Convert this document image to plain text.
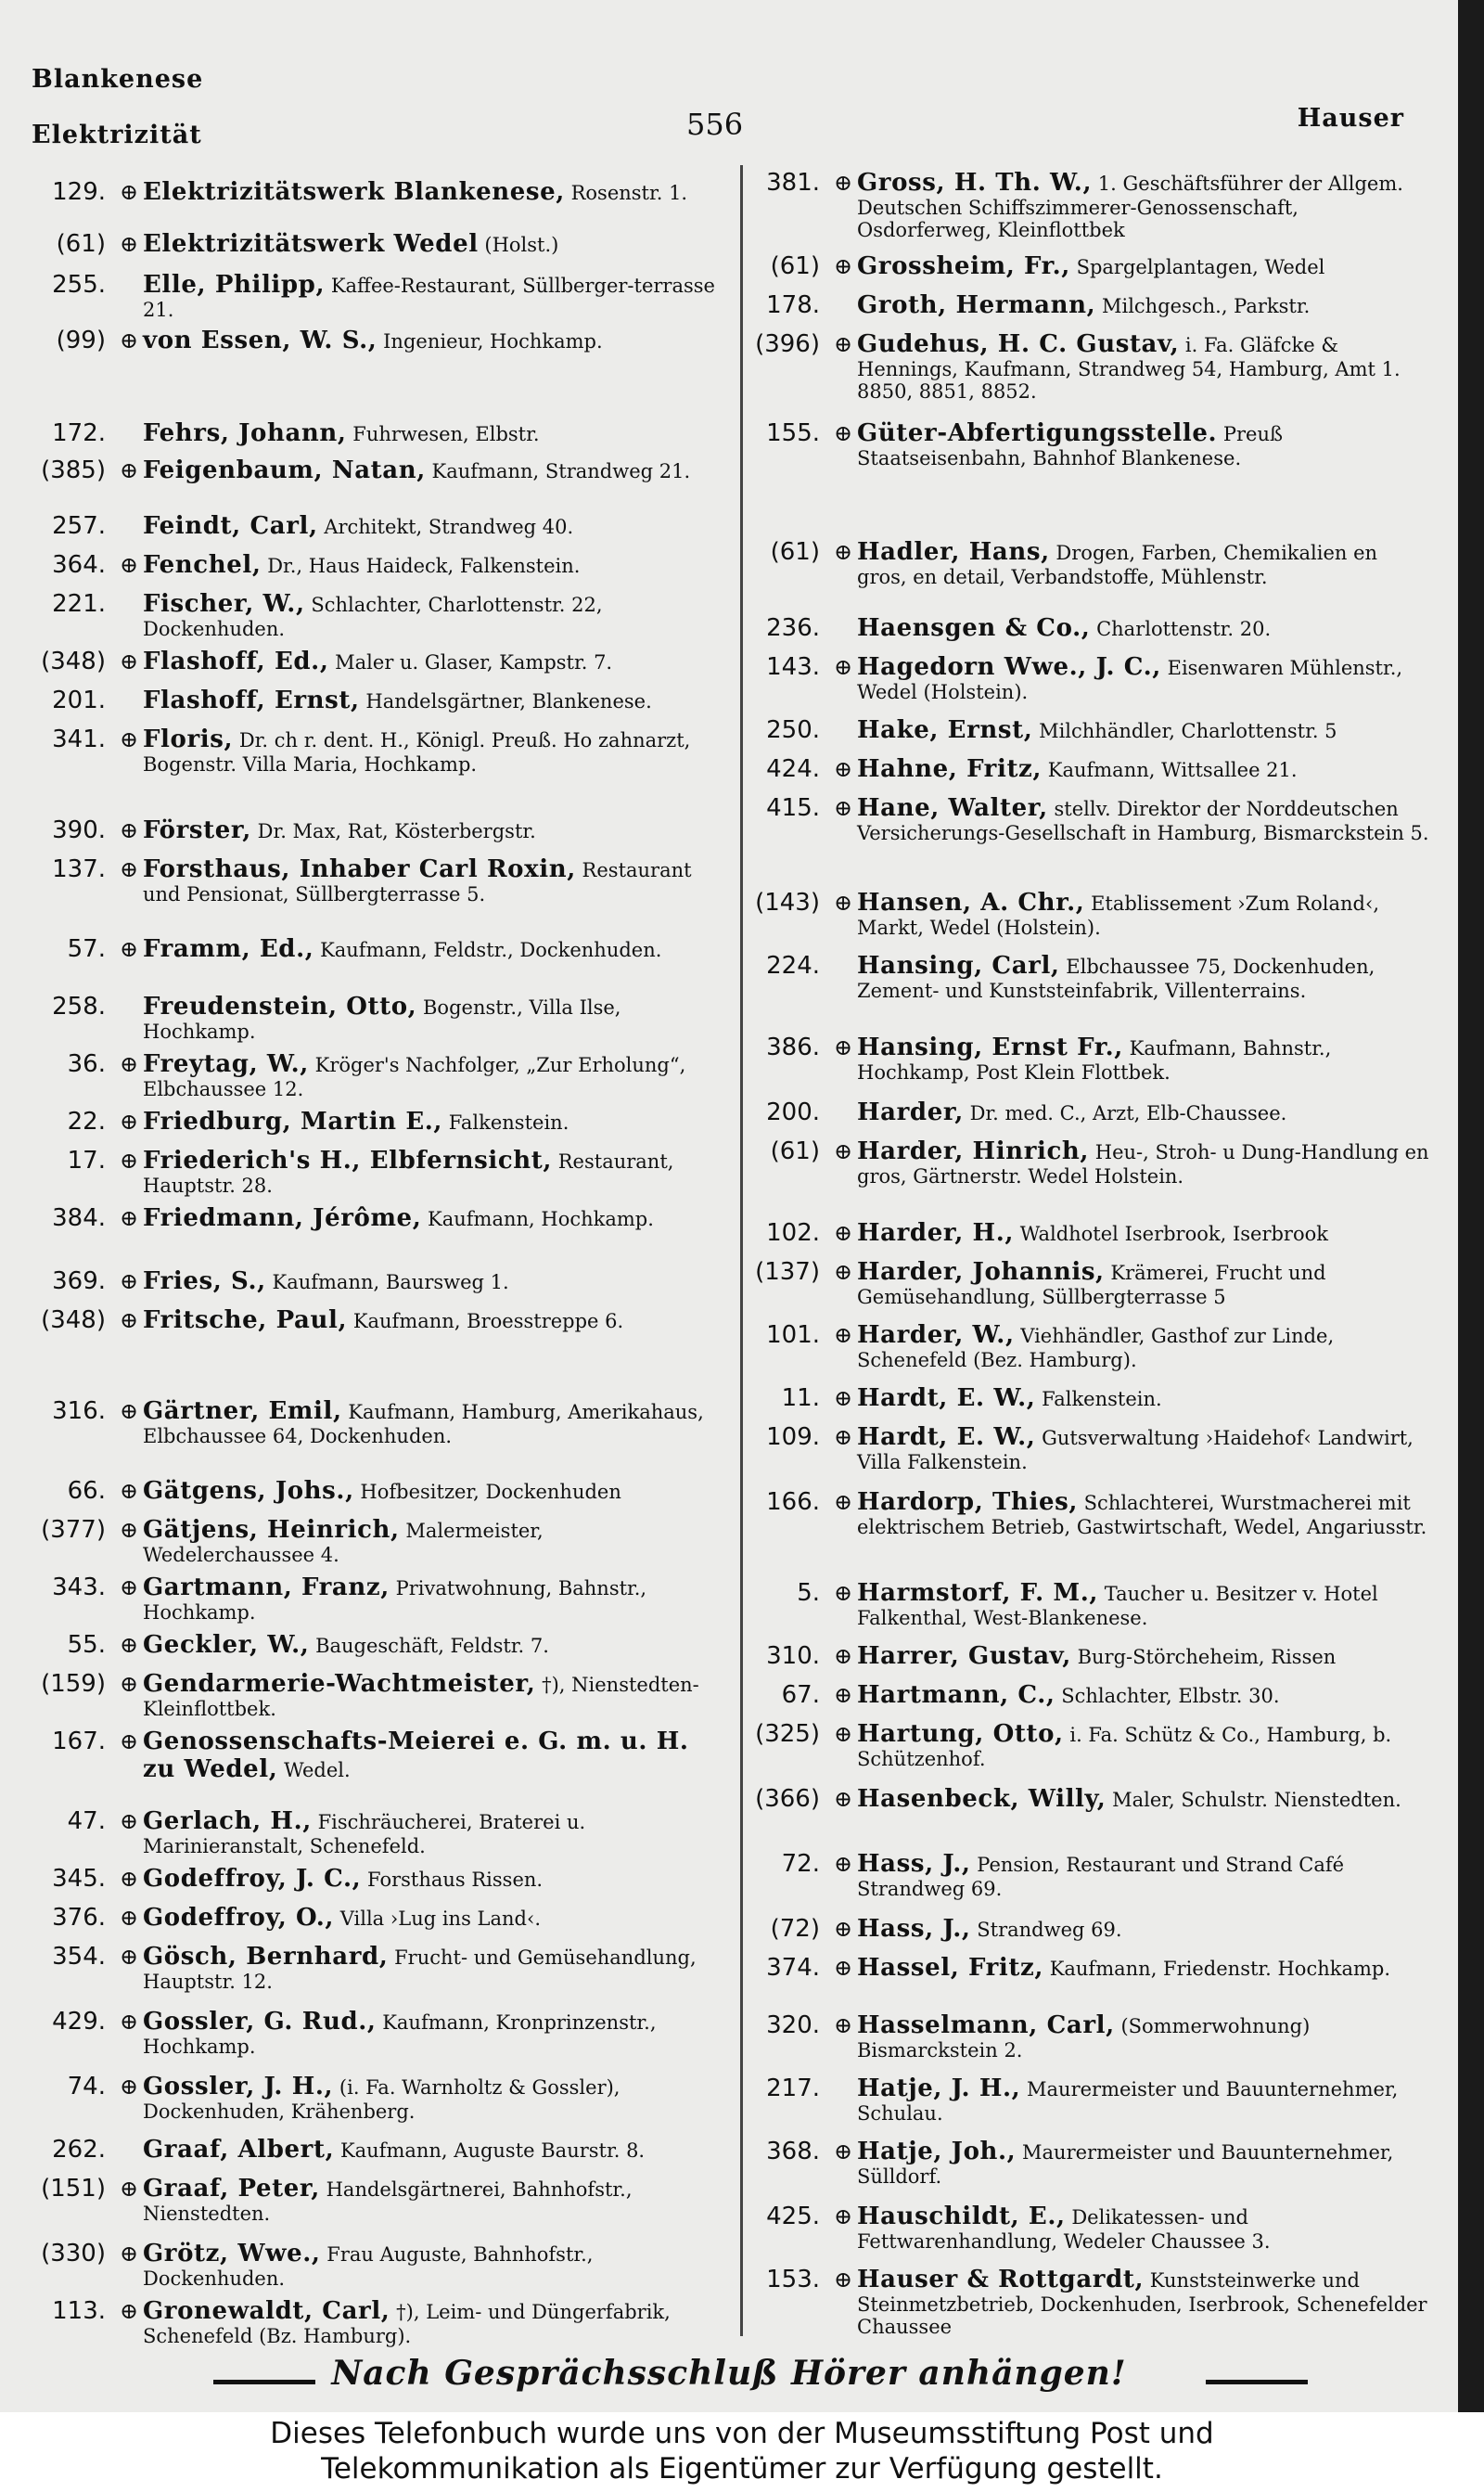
Blankenese
Elektrizität	556	Hauser
129. ⊕ Elektrizitätswerk Blankenese, Rosenstr. 1.
(61) ⊕ Elektrizitätswerk Wedel (Holst.)
255.	Elle, Philipp, Kaffee-Restaurant, Süllberger-terrasse 21.
(99) ⊕ von Essen, W. S., Ingenieur, Hochkamp.
172.	Fehrs, Johann, Fuhrwesen, Elbstr.
(385) ⊕ Feigenbaum, Natan, Kaufmann, Strandweg 21.
257.	Feindt, Carl, Architekt, Strandweg 40.
364. ⊕ Fenchel, Dr., Haus Haideck, Falkenstein.
221.	Fischer, W., Schlachter, Charlottenstr. 22, Dockenhuden.
(348) ⊕ Flashoff, Ed., Maler u. Glaser, Kampstr. 7.
201.	Flashoff, Ernst, Handelsgärtner, Blankenese.
341. ⊕ Floris, Dr. ch r. dent. H., Königl. Preuß. Ho zahnarzt, Bogenstr. Villa Maria, Hochkamp.
390. ⊕ Förster, Dr. Max, Rat, Kösterbergstr.
137. ⊕ Forsthaus, Inhaber Carl Roxin, Restaurant und Pensionat, Süllbergterrasse 5.
57. ⊕ Framm, Ed., Kaufmann, Feldstr., Dockenhuden.
258.	Freudenstein, Otto, Bogenstr., Villa Ilse, Hochkamp.
36. ⊕ Freytag, W., Kröger's Nachfolger, „Zur Erholung“, Elbchaussee 12.
22. ⊕ Friedburg, Martin E., Falkenstein.
17. ⊕ Friederich's H., Elbfernsicht, Restaurant, Hauptstr. 28.
384. ⊕ Friedmann, Jérôme, Kaufmann, Hochkamp.
369. ⊕ Fries, S., Kaufmann, Baursweg 1.
(348) ⊕ Fritsche, Paul, Kaufmann, Broesstreppe 6.
316. ⊕ Gärtner, Emil, Kaufmann, Hamburg, Amerikahaus, Elbchaussee 64, Dockenhuden.
66. ⊕ Gätgens, Johs., Hofbesitzer, Dockenhuden
(377) ⊕ Gätjens, Heinrich, Malermeister, Wedelerchaussee 4.
343. ⊕ Gartmann, Franz, Privatwohnung, Bahnstr., Hochkamp.
55. ⊕ Geckler, W., Baugeschäft, Feldstr. 7.
(159) ⊕ Gendarmerie-Wachtmeister, †), Nienstedten-Kleinflottbek.
167. ⊕ Genossenschafts-Meierei e. G. m. u. H. zu Wedel, Wedel.
47. ⊕ Gerlach, H., Fischräucherei, Braterei u. Marinieranstalt, Schenefeld.
345. ⊕ Godeffroy, J. C., Forsthaus Rissen.
376. ⊕ Godeffroy, O., Villa ›Lug ins Land‹.
354. ⊕ Gösch, Bernhard, Frucht- und Gemüsehandlung, Hauptstr. 12.
429. ⊕ Gossler, G. Rud., Kaufmann, Kronprinzenstr., Hochkamp.
74. ⊕ Gossler, J. H., (i. Fa. Warnholtz & Gossler), Dockenhuden, Krähenberg.
262.	Graaf, Albert, Kaufmann, Auguste Baurstr. 8.
(151) ⊕ Graaf, Peter, Handelsgärtnerei, Bahnhofstr., Nienstedten.
(330) ⊕ Grötz, Wwe., Frau Auguste, Bahnhofstr., Dockenhuden.
113. ⊕ Gronewaldt, Carl, †), Leim- und Düngerfabrik, Schenefeld (Bz. Hamburg).
381. ⊕ Gross, H. Th. W., 1. Geschäftsführer der Allgem. Deutschen Schiffszimmerer-Genossenschaft, Osdorferweg, Kleinflottbek
(61) ⊕ Grossheim, Fr., Spargelplantagen, Wedel
178.	Groth, Hermann, Milchgesch., Parkstr.
(396) ⊕ Gudehus, H. C. Gustav, i. Fa. Gläfcke & Hennings, Kaufmann, Strandweg 54, Hamburg, Amt 1. 8850, 8851, 8852.
155. ⊕ Güter-Abfertigungsstelle. Preuß Staatseisenbahn, Bahnhof Blankenese.
(61) ⊕ Hadler, Hans, Drogen, Farben, Chemikalien en gros, en detail, Verbandstoffe, Mühlenstr.
236.	Haensgen & Co., Charlottenstr. 20.
143. ⊕ Hagedorn Wwe., J. C., Eisenwaren Mühlenstr., Wedel (Holstein).
250.	Hake, Ernst, Milchhändler, Charlottenstr. 5
424. ⊕ Hahne, Fritz, Kaufmann, Wittsallee 21.
415. ⊕ Hane, Walter, stellv. Direktor der Norddeutschen Versicherungs-Gesellschaft in Hamburg, Bismarckstein 5.
(143) ⊕ Hansen, A. Chr., Etablissement ›Zum Roland‹, Markt, Wedel (Holstein).
224.	Hansing, Carl, Elbchaussee 75, Dockenhuden, Zement- und Kunststeinfabrik, Villenterrains.
386. ⊕ Hansing, Ernst Fr., Kaufmann, Bahnstr., Hochkamp, Post Klein Flottbek.
200.	Harder, Dr. med. C., Arzt, Elb-Chaussee.
(61) ⊕ Harder, Hinrich, Heu-, Stroh- u Dung-Handlung en gros, Gärtnerstr. Wedel Holstein.
102. ⊕ Harder, H., Waldhotel Iserbrook, Iserbrook
(137) ⊕ Harder, Johannis, Krämerei, Frucht und Gemüsehandlung, Süllbergterrasse 5
101. ⊕ Harder, W., Viehhändler, Gasthof zur Linde, Schenefeld (Bez. Hamburg).
11. ⊕ Hardt, E. W., Falkenstein.
109. ⊕ Hardt, E. W., Gutsverwaltung ›Haidehof‹ Landwirt, Villa Falkenstein.
166. ⊕ Hardorp, Thies, Schlachterei, Wurstmacherei mit elektrischem Betrieb, Gastwirtschaft, Wedel, Angariusstr.
5. ⊕ Harmstorf, F. M., Taucher u. Besitzer v. Hotel Falkenthal, West-Blankenese.
310. ⊕ Harrer, Gustav, Burg-Störcheheim, Rissen
67. ⊕ Hartmann, C., Schlachter, Elbstr. 30.
(325) ⊕ Hartung, Otto, i. Fa. Schütz & Co., Hamburg, b. Schützenhof.
(366) ⊕ Hasenbeck, Willy, Maler, Schulstr. Nienstedten.
72. ⊕ Hass, J., Pension, Restaurant und Strand Café Strandweg 69.
(72) ⊕ Hass, J., Strandweg 69.
374. ⊕ Hassel, Fritz, Kaufmann, Friedenstr. Hochkamp.
320. ⊕ Hasselmann, Carl, (Sommerwohnung) Bismarckstein 2.
217.	Hatje, J. H., Maurermeister und Bauunternehmer, Schulau.
368. ⊕ Hatje, Joh., Maurermeister und Bauunternehmer, Sülldorf.
425. ⊕ Hauschildt, E., Delikatessen- und Fettwarenhandlung, Wedeler Chaussee 3.
153. ⊕ Hauser & Rottgardt, Kunststeinwerke und Steinmetzbetrieb, Dockenhuden, Iserbrook, Schenefelder Chaussee
Nach Gesprächsschluß Hörer anhängen!
Dieses Telefonbuch wurde uns von der Museumsstiftung Post und
Telekommunikation als Eigentümer zur Verfügung gestellt.
